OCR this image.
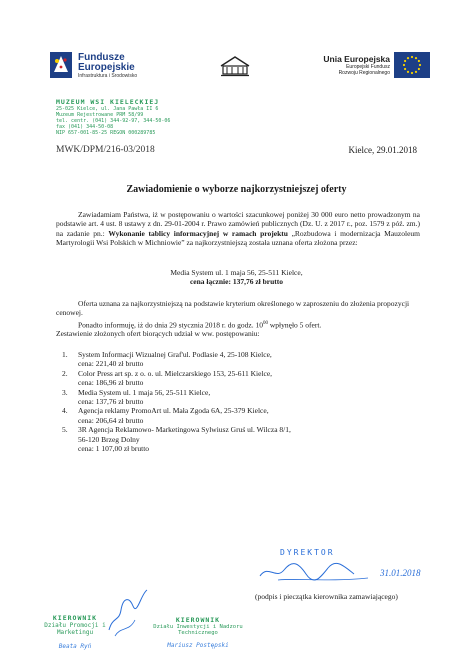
Fundusze
Europejskie
Infrastruktura i Środowisko
Unia Europejska
Europejski Fundusz
Rozwoju Regionalnego
MUZEUM WSI KIELECKIEJ
25-025 Kielce, ul. Jana Pawła II 6
Muzeum Rejestrowane PRM 58/99
tel. centr. (041) 344-92-97, 344-50-06
fax (041) 344-50-08
NIP 657-001-85-25 REGON 000289785
MWK/DPM/216-03/2018	Kielce, 29.01.2018
Zawiadomienie o wyborze najkorzystniejszej oferty

Zawiadamiam Państwa, iż w postępowaniu o wartości szacunkowej poniżej 30 000 euro netto prowadzonym na podstawie art. 4 ust. 8 ustawy z dn. 29-01-2004 r. Prawo zamówień publicznych (Dz. U. z 2017 r., poz. 1579 z póź. zm.) na zadanie pn.: Wykonanie tablicy informacyjnej w ramach projektu „Rozbudowa i modernizacja Mauzoleum Martyrologii Wsi Polskich w Michniowie” za najkorzystniejszą została uznana oferta złożona przez:

Media System ul. 1 maja 56, 25-511 Kielce,
cena łącznie: 137,76 zł brutto

Oferta uznana za najkorzystniejszą na podstawie kryterium określonego w zaproszeniu do złożenia propozycji cenowej.

Ponadto informuję, iż do dnia 29 stycznia 2018 r. do godz. $10^{00}$ wpłynęło 5 ofert.

Zestawienie złożonych ofert biorących udział w ww. postępowaniu:

1. System Informacji Wizualnej Graf'ul. Podlasie 4, 25-108 Kielce,
cena: 221,40 zł brutto
2. Color Press art sp. z o. o. ul. Mielczarskiego 153, 25-611 Kielce,
cena: 186,96 zł brutto
3. Media System ul. 1 maja 56, 25-511 Kielce,
cena: 137,76 zł brutto
4. Agencja reklamy PromoArt ul. Mała Zgoda 6A, 25-379 Kielce,
cena: 206,64 zł brutto
5. 3R Agencja Reklamowo- Marketingowa Sylwiusz Gruś ul. Wilcza 8/1,
56-120 Brzeg Dolny
cena: 1 107,00 zł brutto
DYREKTOR
31.01.2018
(podpis i pieczątka kierownika zamawiającego)
KIEROWNIK
Działu Promocji i Marketingu
Beata Ryń
KIEROWNIK
Działu Inwestycji i Nadzoru Technicznego
Mariusz Postępski
